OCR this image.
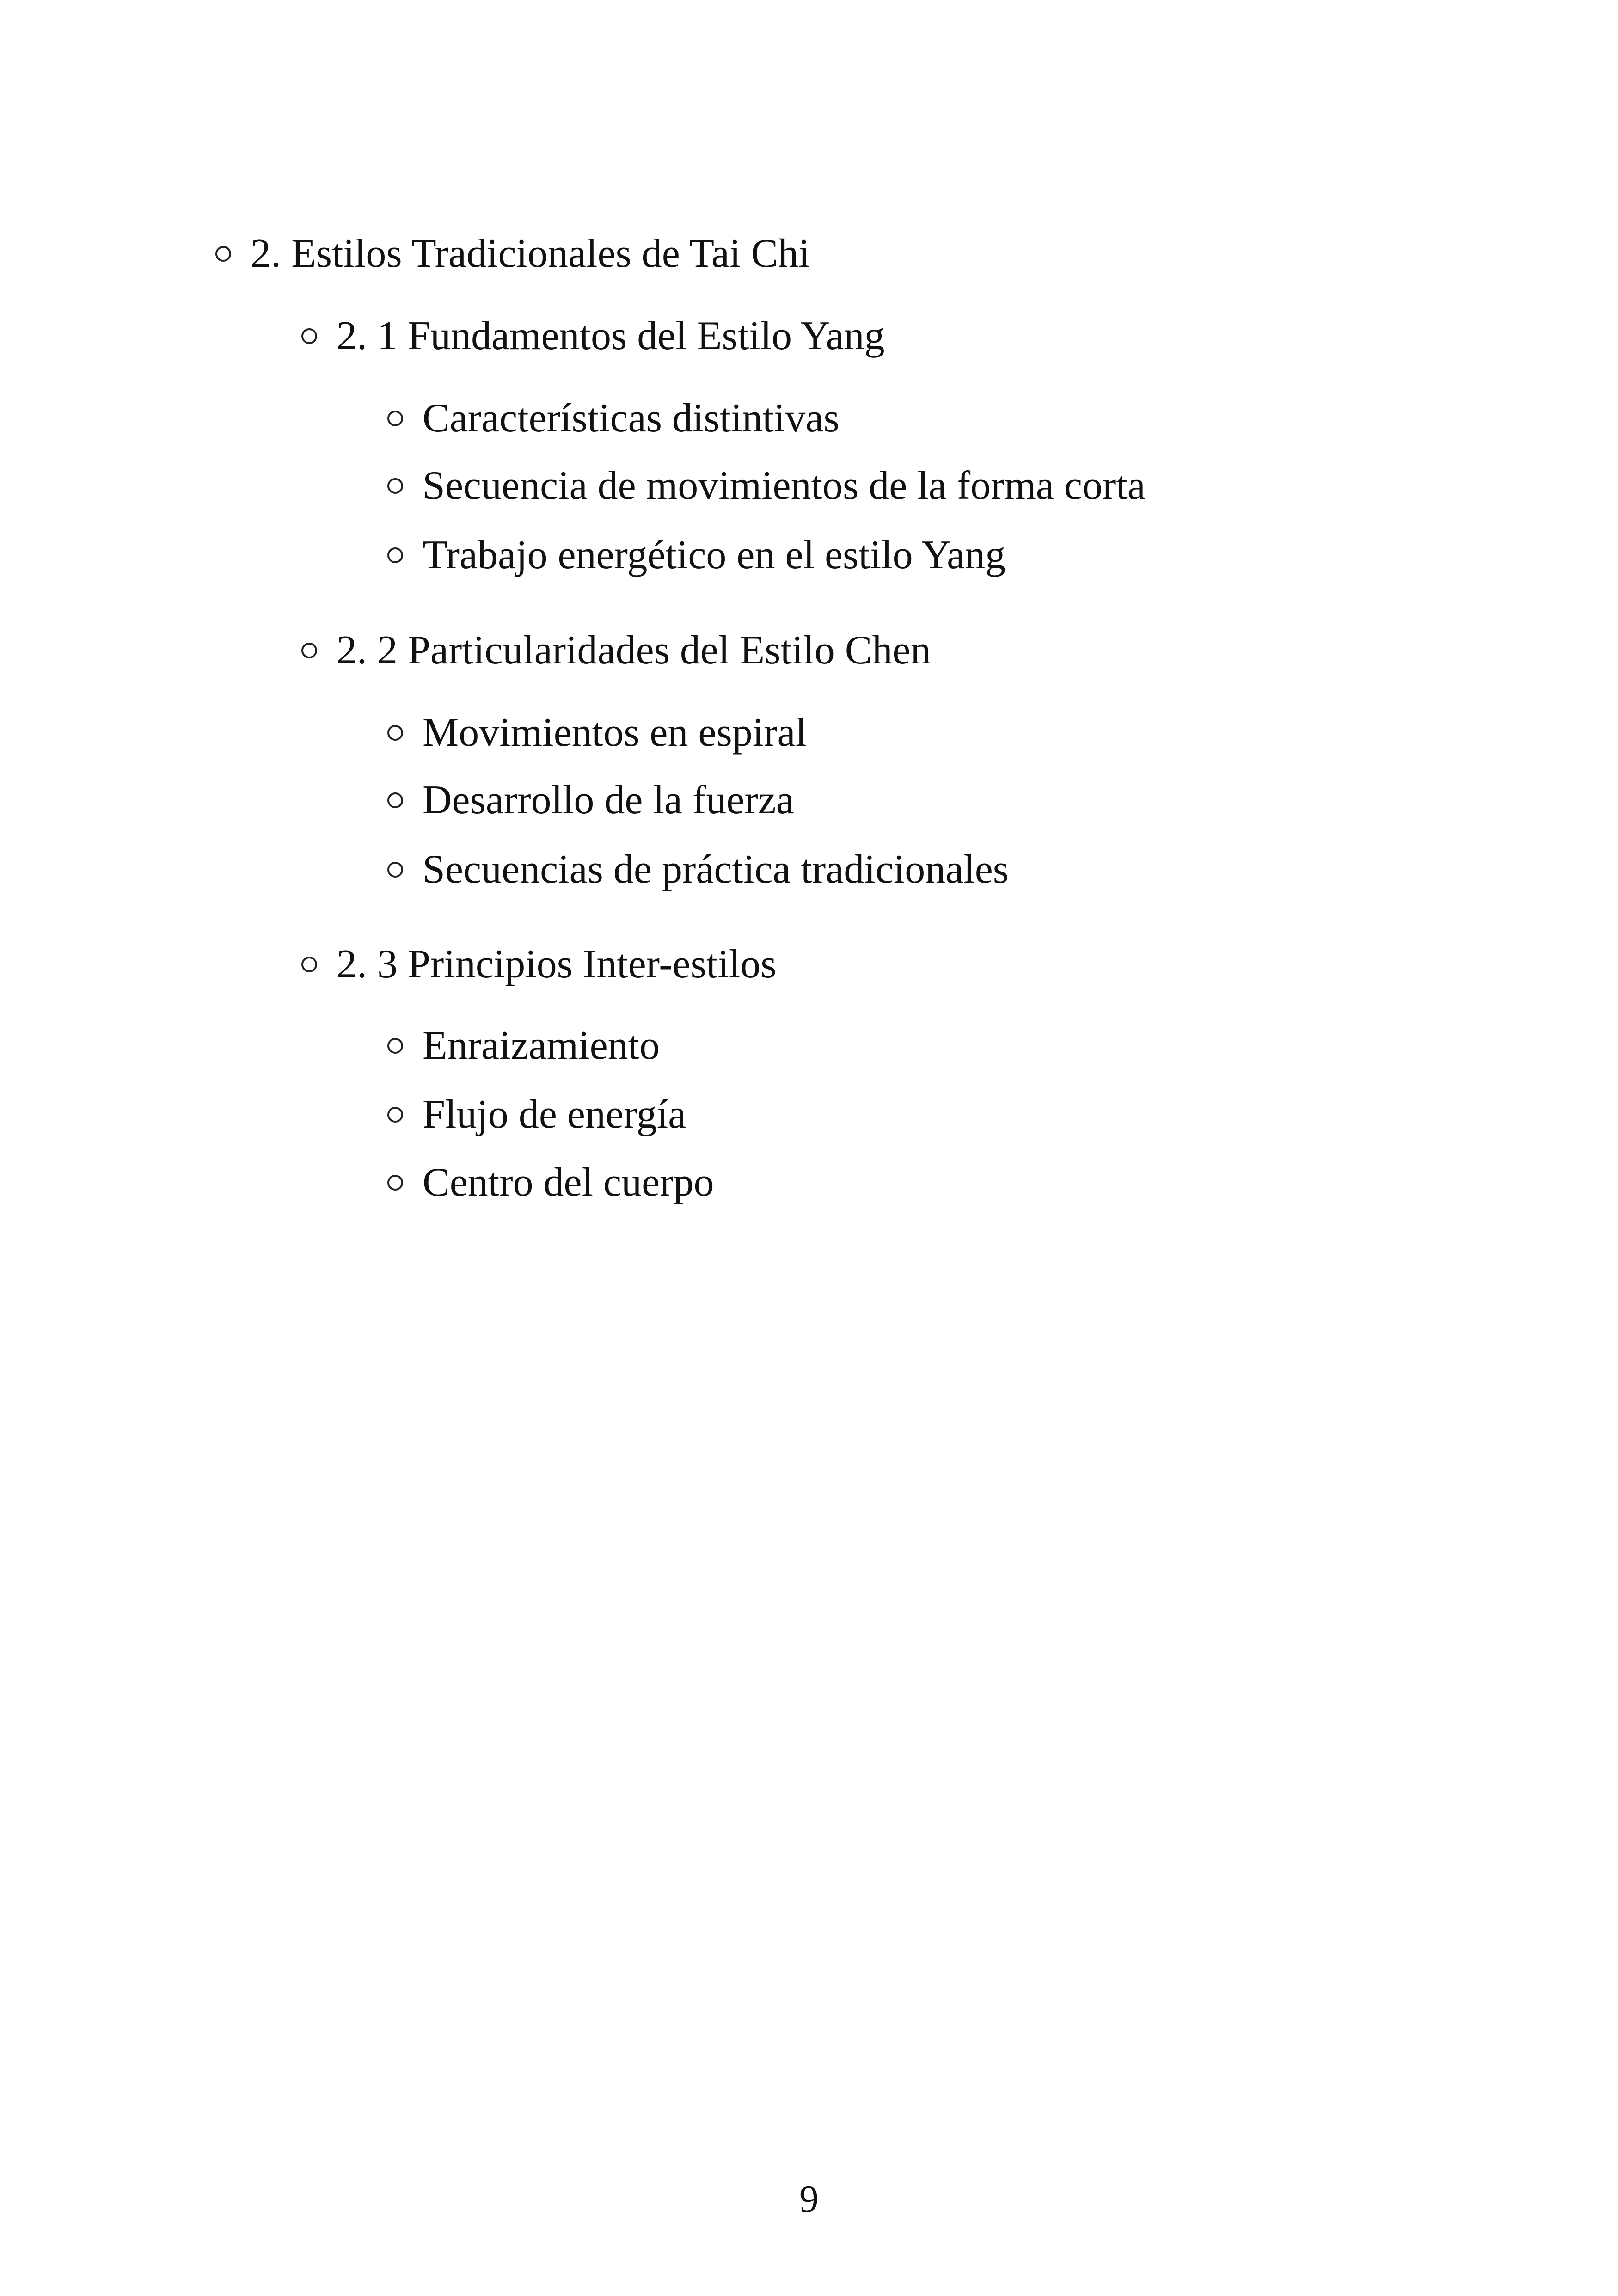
2. Estilos Tradicionales de Tai Chi
2. 1 Fundamentos del Estilo Yang
Características distintivas
Secuencia de movimientos de la forma corta
Trabajo energético en el estilo Yang
2. 2 Particularidades del Estilo Chen
Movimientos en espiral
Desarrollo de la fuerza
Secuencias de práctica tradicionales
2. 3 Principios Inter-estilos
Enraizamiento
Flujo de energía
Centro del cuerpo
9
